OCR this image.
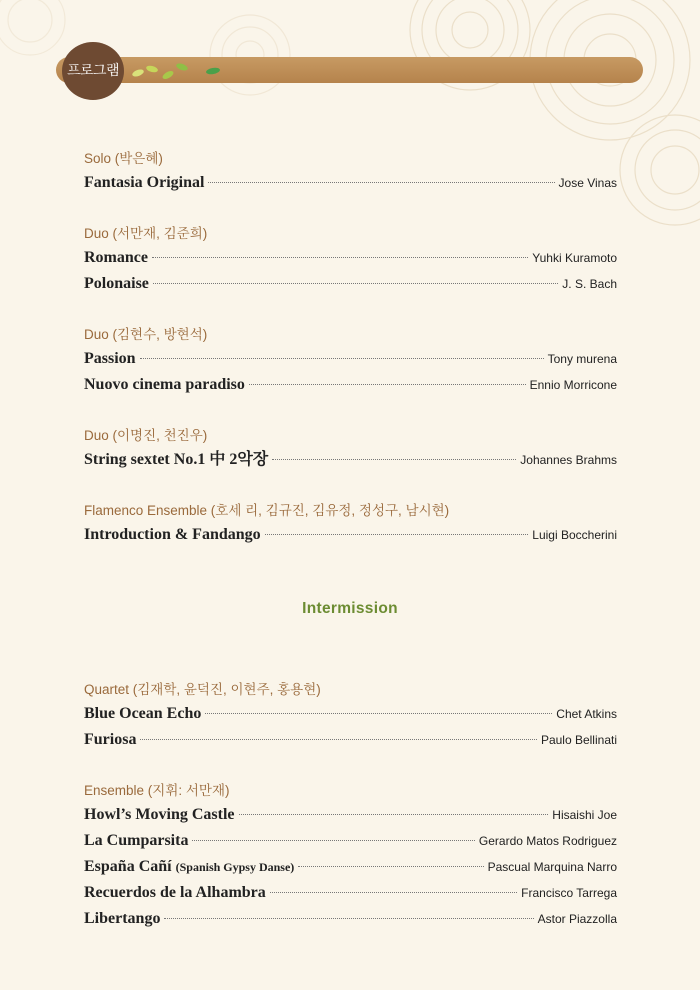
프로그램
Solo (박은혜)
Fantasia Original	Jose Vinas
Duo (서만재, 김준희)
Romance	Yuhki Kuramoto
Polonaise	J. S. Bach
Duo (김현수, 방현석)
Passion	Tony murena
Nuovo cinema paradiso	Ennio Morricone
Duo (이명진, 천진우)
String sextet No.1 中 2악장	Johannes Brahms
Flamenco Ensemble (호세 리, 김규진, 김유정, 정성구, 남시현)
Introduction & Fandango	Luigi Boccherini
Intermission
Quartet (김재학, 윤덕진, 이현주, 홍용현)
Blue Ocean Echo	Chet Atkins
Furiosa	Paulo Bellinati
Ensemble (지휘: 서만재)
Howl’s Moving Castle	Hisaishi Joe
La Cumparsita	Gerardo Matos Rodriguez
España Cañí (Spanish Gypsy Danse)	Pascual Marquina Narro
Recuerdos de la Alhambra	Francisco Tarrega
Libertango	Astor Piazzolla
